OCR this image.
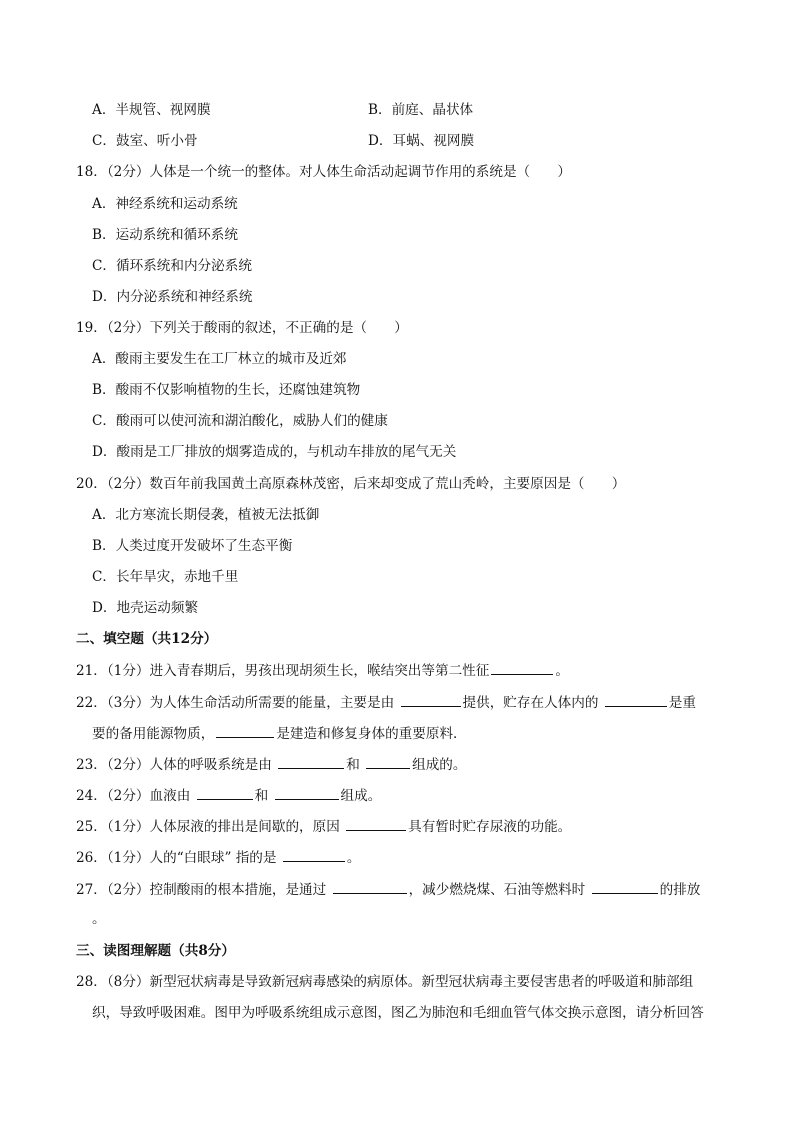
A．半规管、视网膜	B．前庭、晶状体
C．鼓室、听小骨	D．耳蜗、视网膜
18．（2分）人体是一个统一的整体。对人体生命活动起调节作用的系统是（　　）
A．神经系统和运动系统
B．运动系统和循环系统
C．循环系统和内分泌系统
D．内分泌系统和神经系统
19．（2分）下列关于酸雨的叙述，不正确的是（　　）
A．酸雨主要发生在工厂林立的城市及近郊
B．酸雨不仅影响植物的生长，还腐蚀建筑物
C．酸雨可以使河流和湖泊酸化，威胁人们的健康
D．酸雨是工厂排放的烟雾造成的，与机动车排放的尾气无关
20．（2分）数百年前我国黄土高原森林茂密，后来却变成了荒山秃岭，主要原因是（　　）
A．北方寒流长期侵袭，植被无法抵御
B．人类过度开发破坏了生态平衡
C．长年旱灾，赤地千里
D．地壳运动频繁
二、填空题（共12分）
21．（1分）进入青春期后，男孩出现胡须生长，喉结突出等第二性征	。
22．（3分）为人体生命活动所需要的能量，主要是由	提供，贮存在人体内的	是重
要的备用能源物质，	是建造和修复身体的重要原料．
23．（2分）人体的呼吸系统是由	和	组成的。
24．（2分）血液由	和	组成。
25．（1分）人体尿液的排出是间歇的，原因	具有暂时贮存尿液的功能。
26．（1分）人的“白眼球” 指的是	。
27．（2分）控制酸雨的根本措施，是通过	，减少燃烧煤、石油等燃料时	的排放
。
三、读图理解题（共8分）
28．（8分）新型冠状病毒是导致新冠病毒感染的病原体。新型冠状病毒主要侵害患者的呼吸道和肺部组
织，导致呼吸困难。图甲为呼吸系统组成示意图，图乙为肺泡和毛细血管气体交换示意图，请分析回答
